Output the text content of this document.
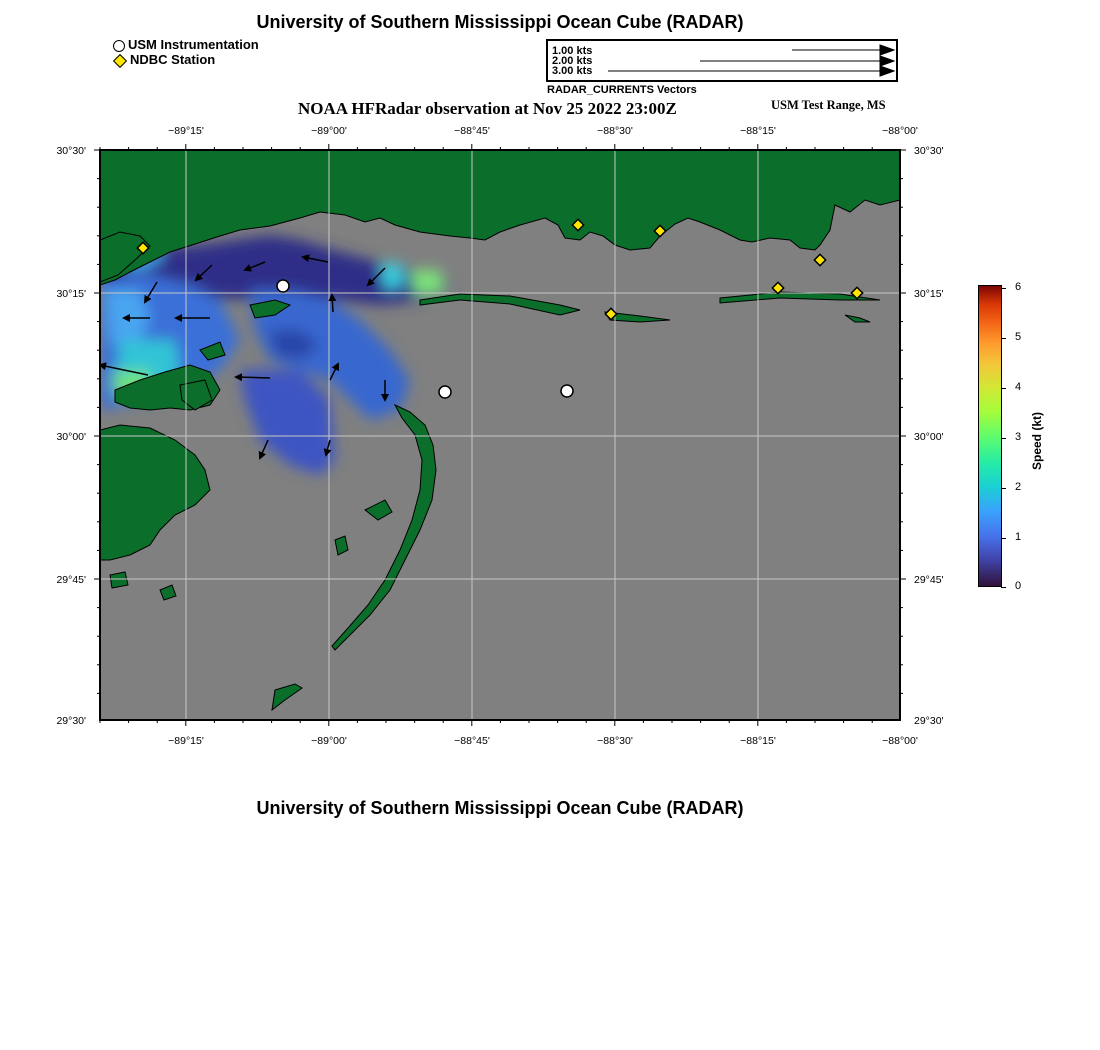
University of Southern Mississippi Ocean Cube (RADAR)
USM Instrumentation
NDBC Station
1.00 kts
2.00 kts
3.00 kts
RADAR_CURRENTS Vectors
NOAA HFRadar observation at Nov 25 2022 23:00Z	USM Test Range, MS
−89°15'	−89°00'	−88°45'	−88°30'	−88°15'	−88°00'
−89°15'	−89°00'	−88°45'	−88°30'	−88°15'	−88°00'
30°30'
30°15'
30°00'
29°45'
29°30'
30°30'
30°15'
30°00'
29°45'
29°30'
6
5
4
3
2
1
0
Speed (kt)
University of Southern Mississippi Ocean Cube (RADAR)
